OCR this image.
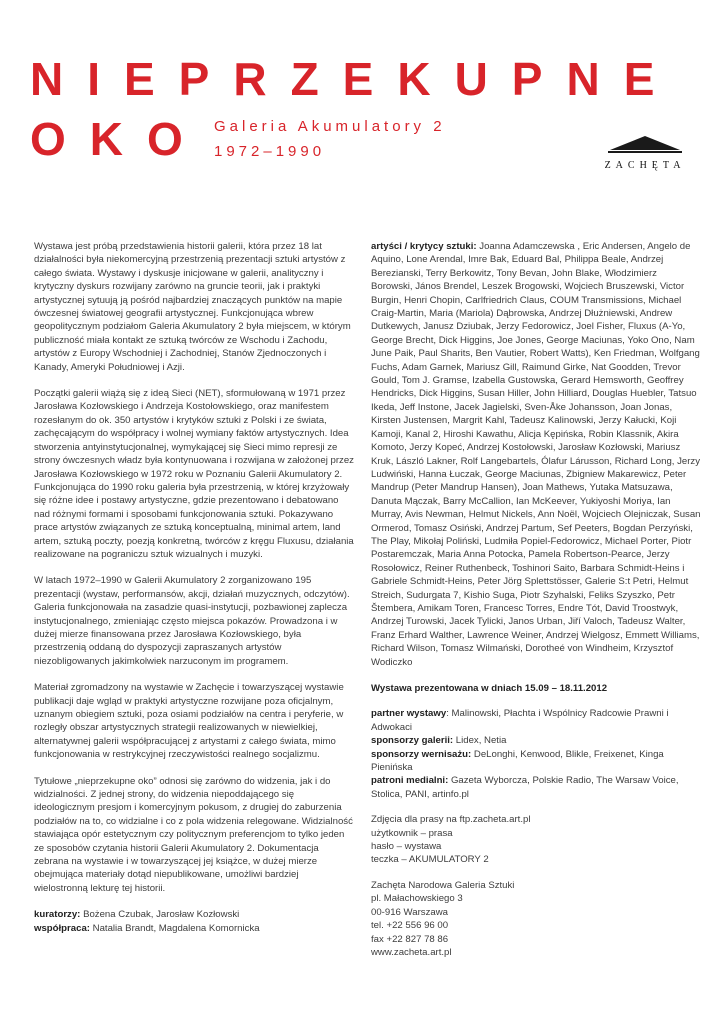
NIEPRZEKUPNE
OKO Galeria Akumulatory 2
1972–1990
ZACHĘTA

Wystawa jest próbą przedstawienia historii galerii, która przez 18 lat działalności była niekomercyjną przestrzenią prezentacji sztuki artystów z całego świata. Wystawy i dyskusje inicjowane w galerii, analityczny i krytyczny dyskurs rozwijany zarówno na gruncie teorii, jak i praktyki artystycznej sytuują ją pośród najbardziej znaczących punktów na mapie ówczesnej światowej geografii artystycznej. Funkcjonująca wbrew geopolitycznym podziałom Galeria Akumulatory 2 była miejscem, w którym publiczność miała kontakt ze sztuką twórców ze Wschodu i Zachodu, artystów z Europy Wschodniej i Zachodniej, Stanów Zjednoczonych i Kanady, Ameryki Południowej i Azji.

Początki galerii wiążą się z ideą Sieci (NET), sformułowaną w 1971 przez Jarosława Kozłowskiego i Andrzeja Kostołowskiego, oraz manifestem rozesłanym do ok. 350 artystów i krytyków sztuki z Polski i ze świata, zachęcającym do współpracy i wolnej wymiany faktów artystycznych. Idea stworzenia antyinstytucjonalnej, wymykającej się Sieci mimo represji ze strony ówczesnych władz była kontynuowana i rozwijana w założonej przez Jarosława Kozłowskiego w 1972 roku w Poznaniu Galerii Akumulatory 2. Funkcjonująca do 1990 roku galeria była przestrzenią, w której krzyżowały się różne idee i postawy artystyczne, gdzie prezentowano i debatowano nad różnymi formami i sposobami funkcjonowania sztuki. Pokazywano prace artystów związanych ze sztuką konceptualną, minimal artem, land artem, sztuką poczty, poezją konkretną, twórców z kręgu Fluxusu, działania realizowane na pograniczu sztuk wizualnych i muzyki.

W latach 1972–1990 w Galerii Akumulatory 2 zorganizowano 195 prezentacji (wystaw, performansów, akcji, działań muzycznych, odczytów). Galeria funkcjonowała na zasadzie quasi-instytucji, pozbawionej zaplecza instytucjonalnego, zmieniając często miejsca pokazów. Prowadzona i w dużej mierze finansowana przez Jarosława Kozłowskiego, była przestrzenią oddaną do dyspozycji zapraszanych artystów niezobligowanych jakimkolwiek narzuconym im programem.

Materiał zgromadzony na wystawie w Zachęcie i towarzyszącej wystawie publikacji daje wgląd w praktyki artystyczne rozwijane poza oficjalnym, uznanym obiegiem sztuki, poza osiami podziałów na centra i peryferie, w rozległy obszar artystycznych strategii realizowanych w niewielkiej, alternatywnej galerii współpracującej z artystami z całego świata, mimo funkcjonowania w restrykcyjnej rzeczywistości realnego socjalizmu.

Tytułowe „nieprzekupne oko” odnosi się zarówno do widzenia, jak i do widzialności. Z jednej strony, do widzenia niepoddającego się ideologicznym presjom i komercyjnym pokusom, z drugiej do zaburzenia podziałów na to, co widzialne i co z pola widzenia relegowane. Widzialność stawiająca opór estetycznym czy politycznym preferencjom to tylko jeden ze sposobów czytania historii Galerii Akumulatory 2. Dokumentacja zebrana na wystawie i w towarzyszącej jej książce, w dużej mierze obejmująca materiały dotąd niepublikowane, umożliwi bardziej wielostronną lekturę tej historii.

kuratorzy: Bożena Czubak, Jarosław Kozłowski
współpraca: Natalia Brandt, Magdalena Komornicka

artyści / krytycy sztuki: Joanna Adamczewska , Eric Andersen, Angelo de Aquino, Lone Arendal, Imre Bak, Eduard Bal, Philippa Beale, Andrzej Berezianski, Terry Berkowitz, Tony Bevan, John Blake, Włodzimierz Borowski, János Brendel, Leszek Brogowski, Wojciech Bruszewski, Victor Burgin, Henri Chopin, Carlfriedrich Claus, COUM Transmissions, Michael Craig-Martin, Maria (Mariola) Dąbrowska, Andrzej Dłużniewski, Andrew Dutkewych, Janusz Dziubak, Jerzy Fedorowicz, Joel Fisher, Fluxus (A-Yo, George Brecht, Dick Higgins, Joe Jones, George Maciunas, Yoko Ono, Nam June Paik, Paul Sharits, Ben Vautier, Robert Watts), Ken Friedman, Wolfgang Fuchs, Adam Garnek, Mariusz Gill, Raimund Girke, Nat Goodden, Trevor Gould, Tom J. Gramse, Izabella Gustowska, Gerard Hemsworth, Geoffrey Hendricks, Dick Higgins, Susan Hiller, John Hilliard, Douglas Huebler, Tatsuo Ikeda, Jeff Instone, Jacek Jagielski, Sven-Åke Johansson, Joan Jonas, Kirsten Justensen, Margrit Kahl, Tadeusz Kalinowski, Jerzy Kałucki, Koji Kamoji, Kanal 2, Hiroshi Kawathu, Alicja Kępińska, Robin Klassnik, Akira Komoto, Jerzy Kopeć, Andrzej Kostołowski, Jarosław Kozłowski, Mariusz Kruk, László Lakner, Rolf Langebartels, Ólafur Lárusson, Richard Long, Jerzy Ludwiński, Hanna Łuczak, George Maciunas, Zbigniew Makarewicz, Peter Mandrup (Peter Mandrup Hansen), Joan Mathews, Yutaka Matsuzawa, Danuta Mączak, Barry McCallion, Ian McKeever, Yukiyoshi Moriya, Ian Murray, Avis Newman, Helmut Nickels, Ann Noël, Wojciech Olejniczak, Susan Ormerod, Tomasz Osiński, Andrzej Partum, Sef Peeters, Bogdan Perzyński, The Play, Mikołaj Poliński, Ludmiła Popiel-Fedorowicz, Michael Porter, Piotr Postaremczak, Maria Anna Potocka, Pamela Robertson-Pearce, Jerzy Rosołowicz, Reiner Ruthenbeck, Toshinori Saito, Barbara Schmidt-Heins i Gabriele Schmidt-Heins, Peter Jörg Splettstösser, Galerie S:t Petri, Helmut Streich, Sudurgata 7, Kishio Suga, Piotr Szyhalski, Feliks Szyszko, Petr Štembera, Amikam Toren, Francesc Torres, Endre Tót, David Troostwyk, Andrzej Turowski, Jacek Tylicki, Janos Urban, Jiří Valoch, Tadeusz Walter, Franz Erhard Walther, Lawrence Weiner, Andrzej Wielgosz, Emmett Williams, Richard Wilson, Tomasz Wilmański, Dorotheé von Windheim, Krzysztof Wodiczko

Wystawa prezentowana w dniach 15.09 – 18.11.2012

partner wystawy: Malinowski, Płachta i Wspólnicy Radcowie Prawni i Adwokaci
sponsorzy galerii: Lidex, Netia
sponsorzy wernisażu: DeLonghi, Kenwood, Blikle, Freixenet, Kinga Pienińska
patroni medialni: Gazeta Wyborcza, Polskie Radio, The Warsaw Voice, Stolica, PANI, artinfo.pl
Zdjęcia dla prasy na ftp.zacheta.art.pl
użytkownik – prasa
hasło – wystawa
teczka – AKUMULATORY 2
Zachęta Narodowa Galeria Sztuki
pl. Małachowskiego 3
00-916 Warszawa
tel. +22 556 96 00
fax +22 827 78 86
www.zacheta.art.pl
